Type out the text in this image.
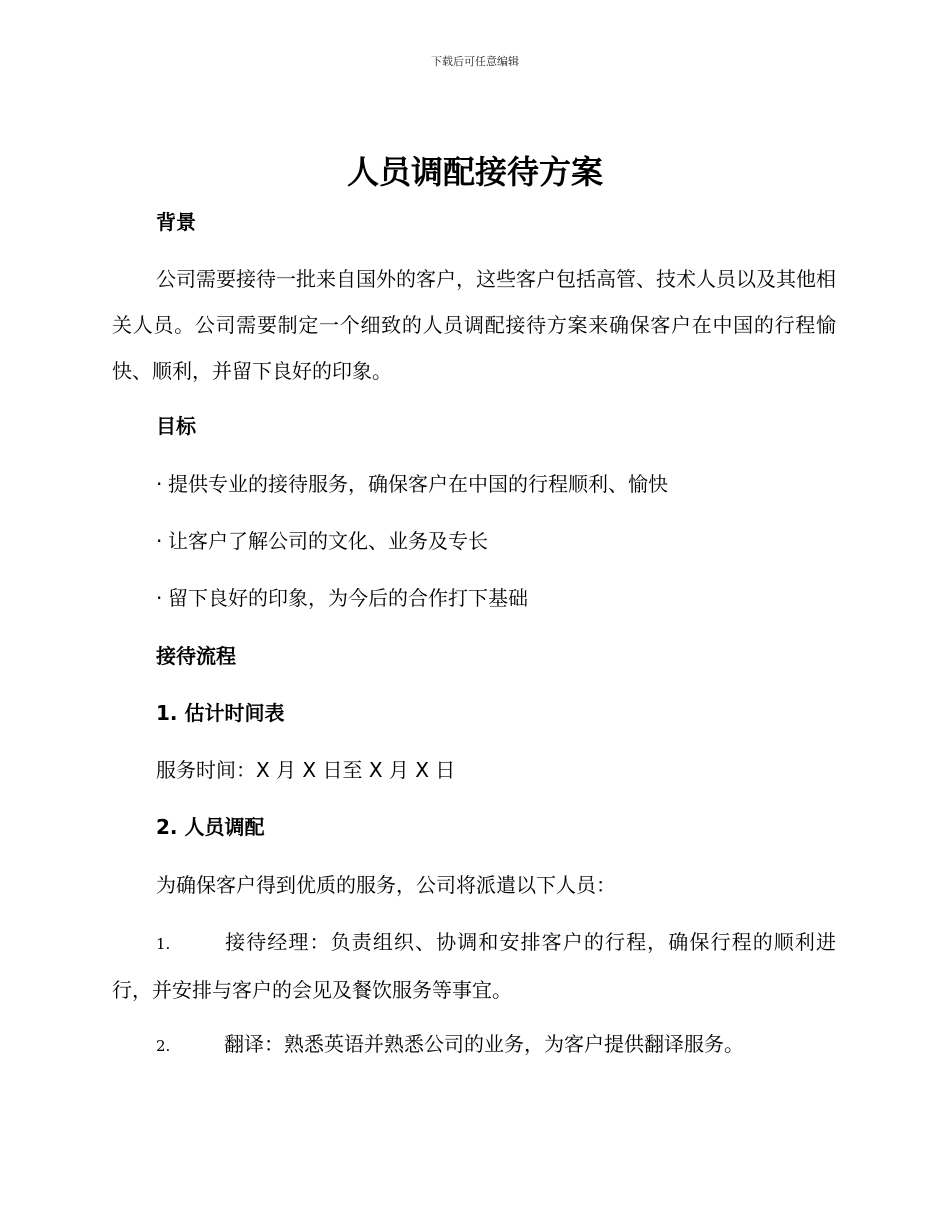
下载后可任意编辑
人员调配接待方案
背景

公司需要接待一批来自国外的客户，这些客户包括高管、技术人员以及其他相关人员。公司需要制定一个细致的人员调配接待方案来确保客户在中国的行程愉快、顺利，并留下良好的印象。

目标
· 提供专业的接待服务，确保客户在中国的行程顺利、愉快
· 让客户了解公司的文化、业务及专长
· 留下良好的印象，为今后的合作打下基础
接待流程
1. 估计时间表
服务时间：X 月 X 日至 X 月 X 日
2. 人员调配
为确保客户得到优质的服务，公司将派遣以下人员：

1.	接待经理：负责组织、协调和安排客户的行程，确保行程的顺利进行，并安排与客户的会见及餐饮服务等事宜。

2.	翻译：熟悉英语并熟悉公司的业务，为客户提供翻译服务。
